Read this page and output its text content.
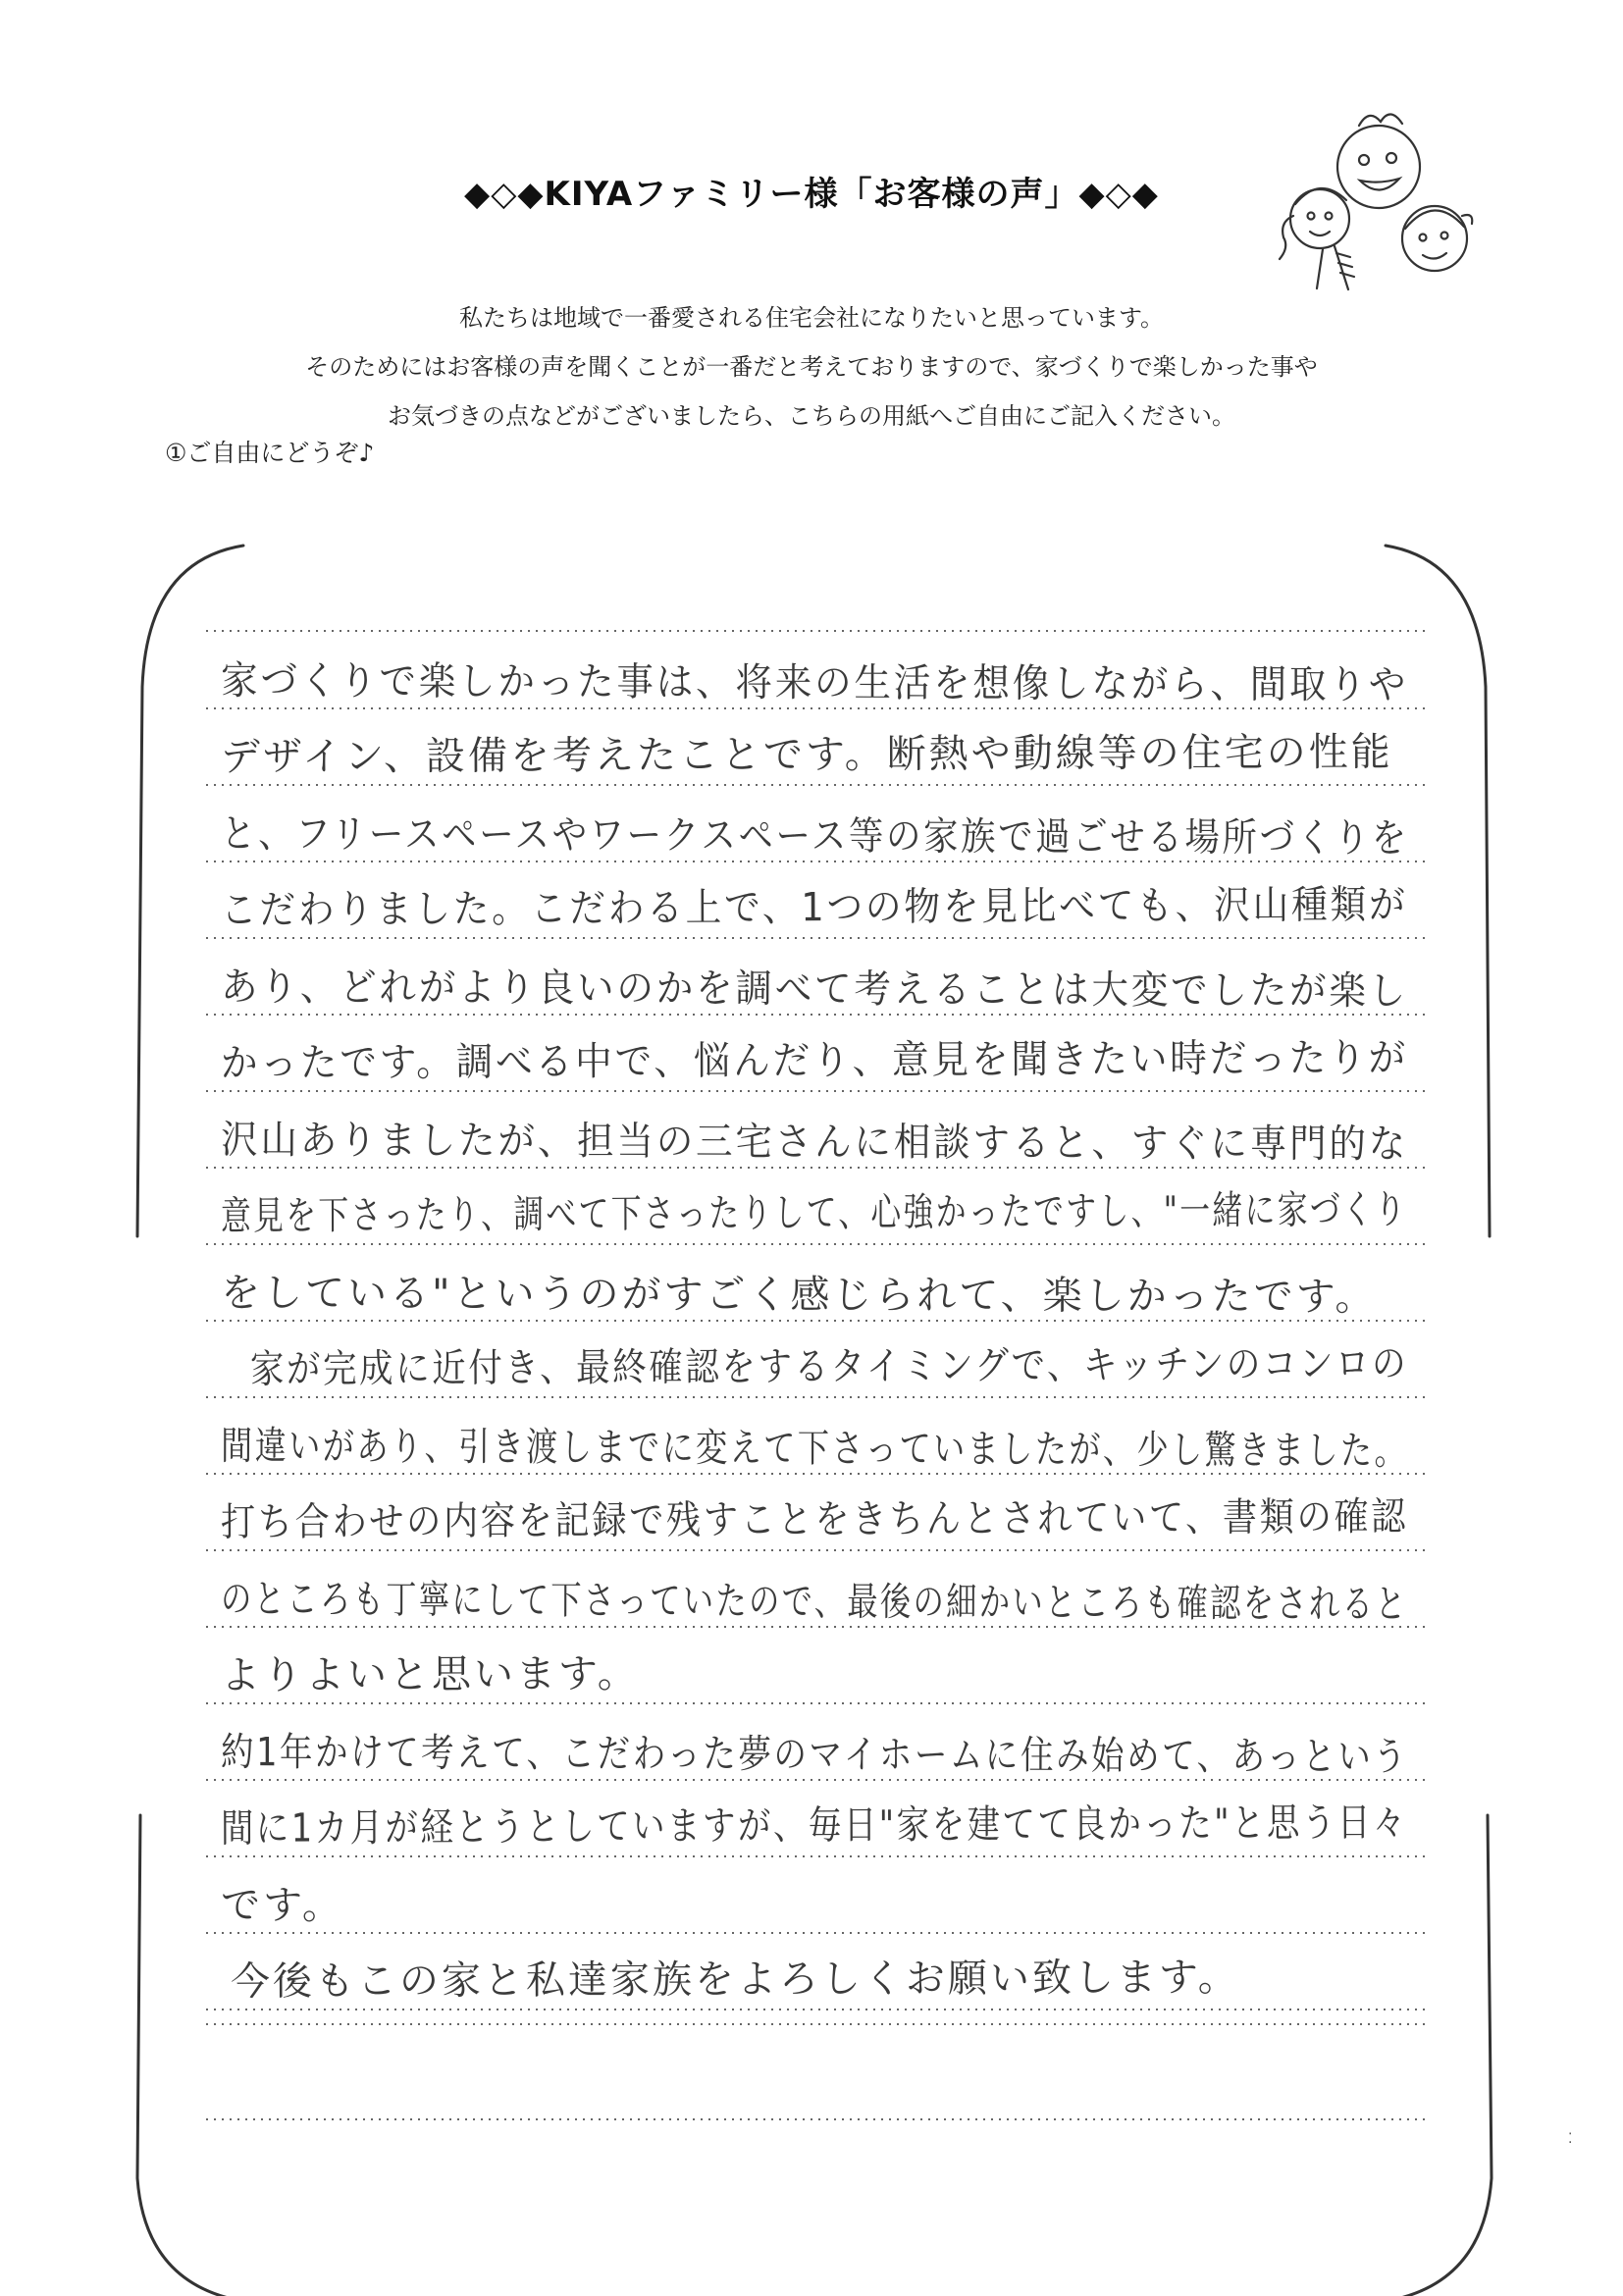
◆◇◆KIYAファミリー様「お客様の声」◆◇◆
私たちは地域で一番愛される住宅会社になりたいと思っています。
そのためにはお客様の声を聞くことが一番だと考えておりますので、家づくりで楽しかった事や
お気づきの点などがございましたら、こちらの用紙へご自由にご記入ください。
①ご自由にどうぞ♪
家づくりで楽しかった事は、将来の生活を想像しながら、間取りや
デザイン、設備を考えたことです。断熱や動線等の住宅の性能
と、フリースペースやワークスペース等の家族で過ごせる場所づくりを
こだわりました。こだわる上で、1つの物を見比べても、沢山種類が
あり、どれがより良いのかを調べて考えることは大変でしたが楽し
かったです。調べる中で、悩んだり、意見を聞きたい時だったりが
沢山ありましたが、担当の三宅さんに相談すると、すぐに専門的な
意見を下さったり、調べて下さったりして、心強かったですし、"一緒に家づくり
をしている"というのがすごく感じられて、楽しかったです。
家が完成に近付き、最終確認をするタイミングで、キッチンのコンロの
間違いがあり、引き渡しまでに変えて下さっていましたが、少し驚きました。
打ち合わせの内容を記録で残すことをきちんとされていて、書類の確認
のところも丁寧にして下さっていたので、最後の細かいところも確認をされると
よりよいと思います。
約1年かけて考えて、こだわった夢のマイホームに住み始めて、あっという
間に1カ月が経とうとしていますが、毎日"家を建てて良かった"と思う日々
です。
今後もこの家と私達家族をよろしくお願い致します。
⁚
